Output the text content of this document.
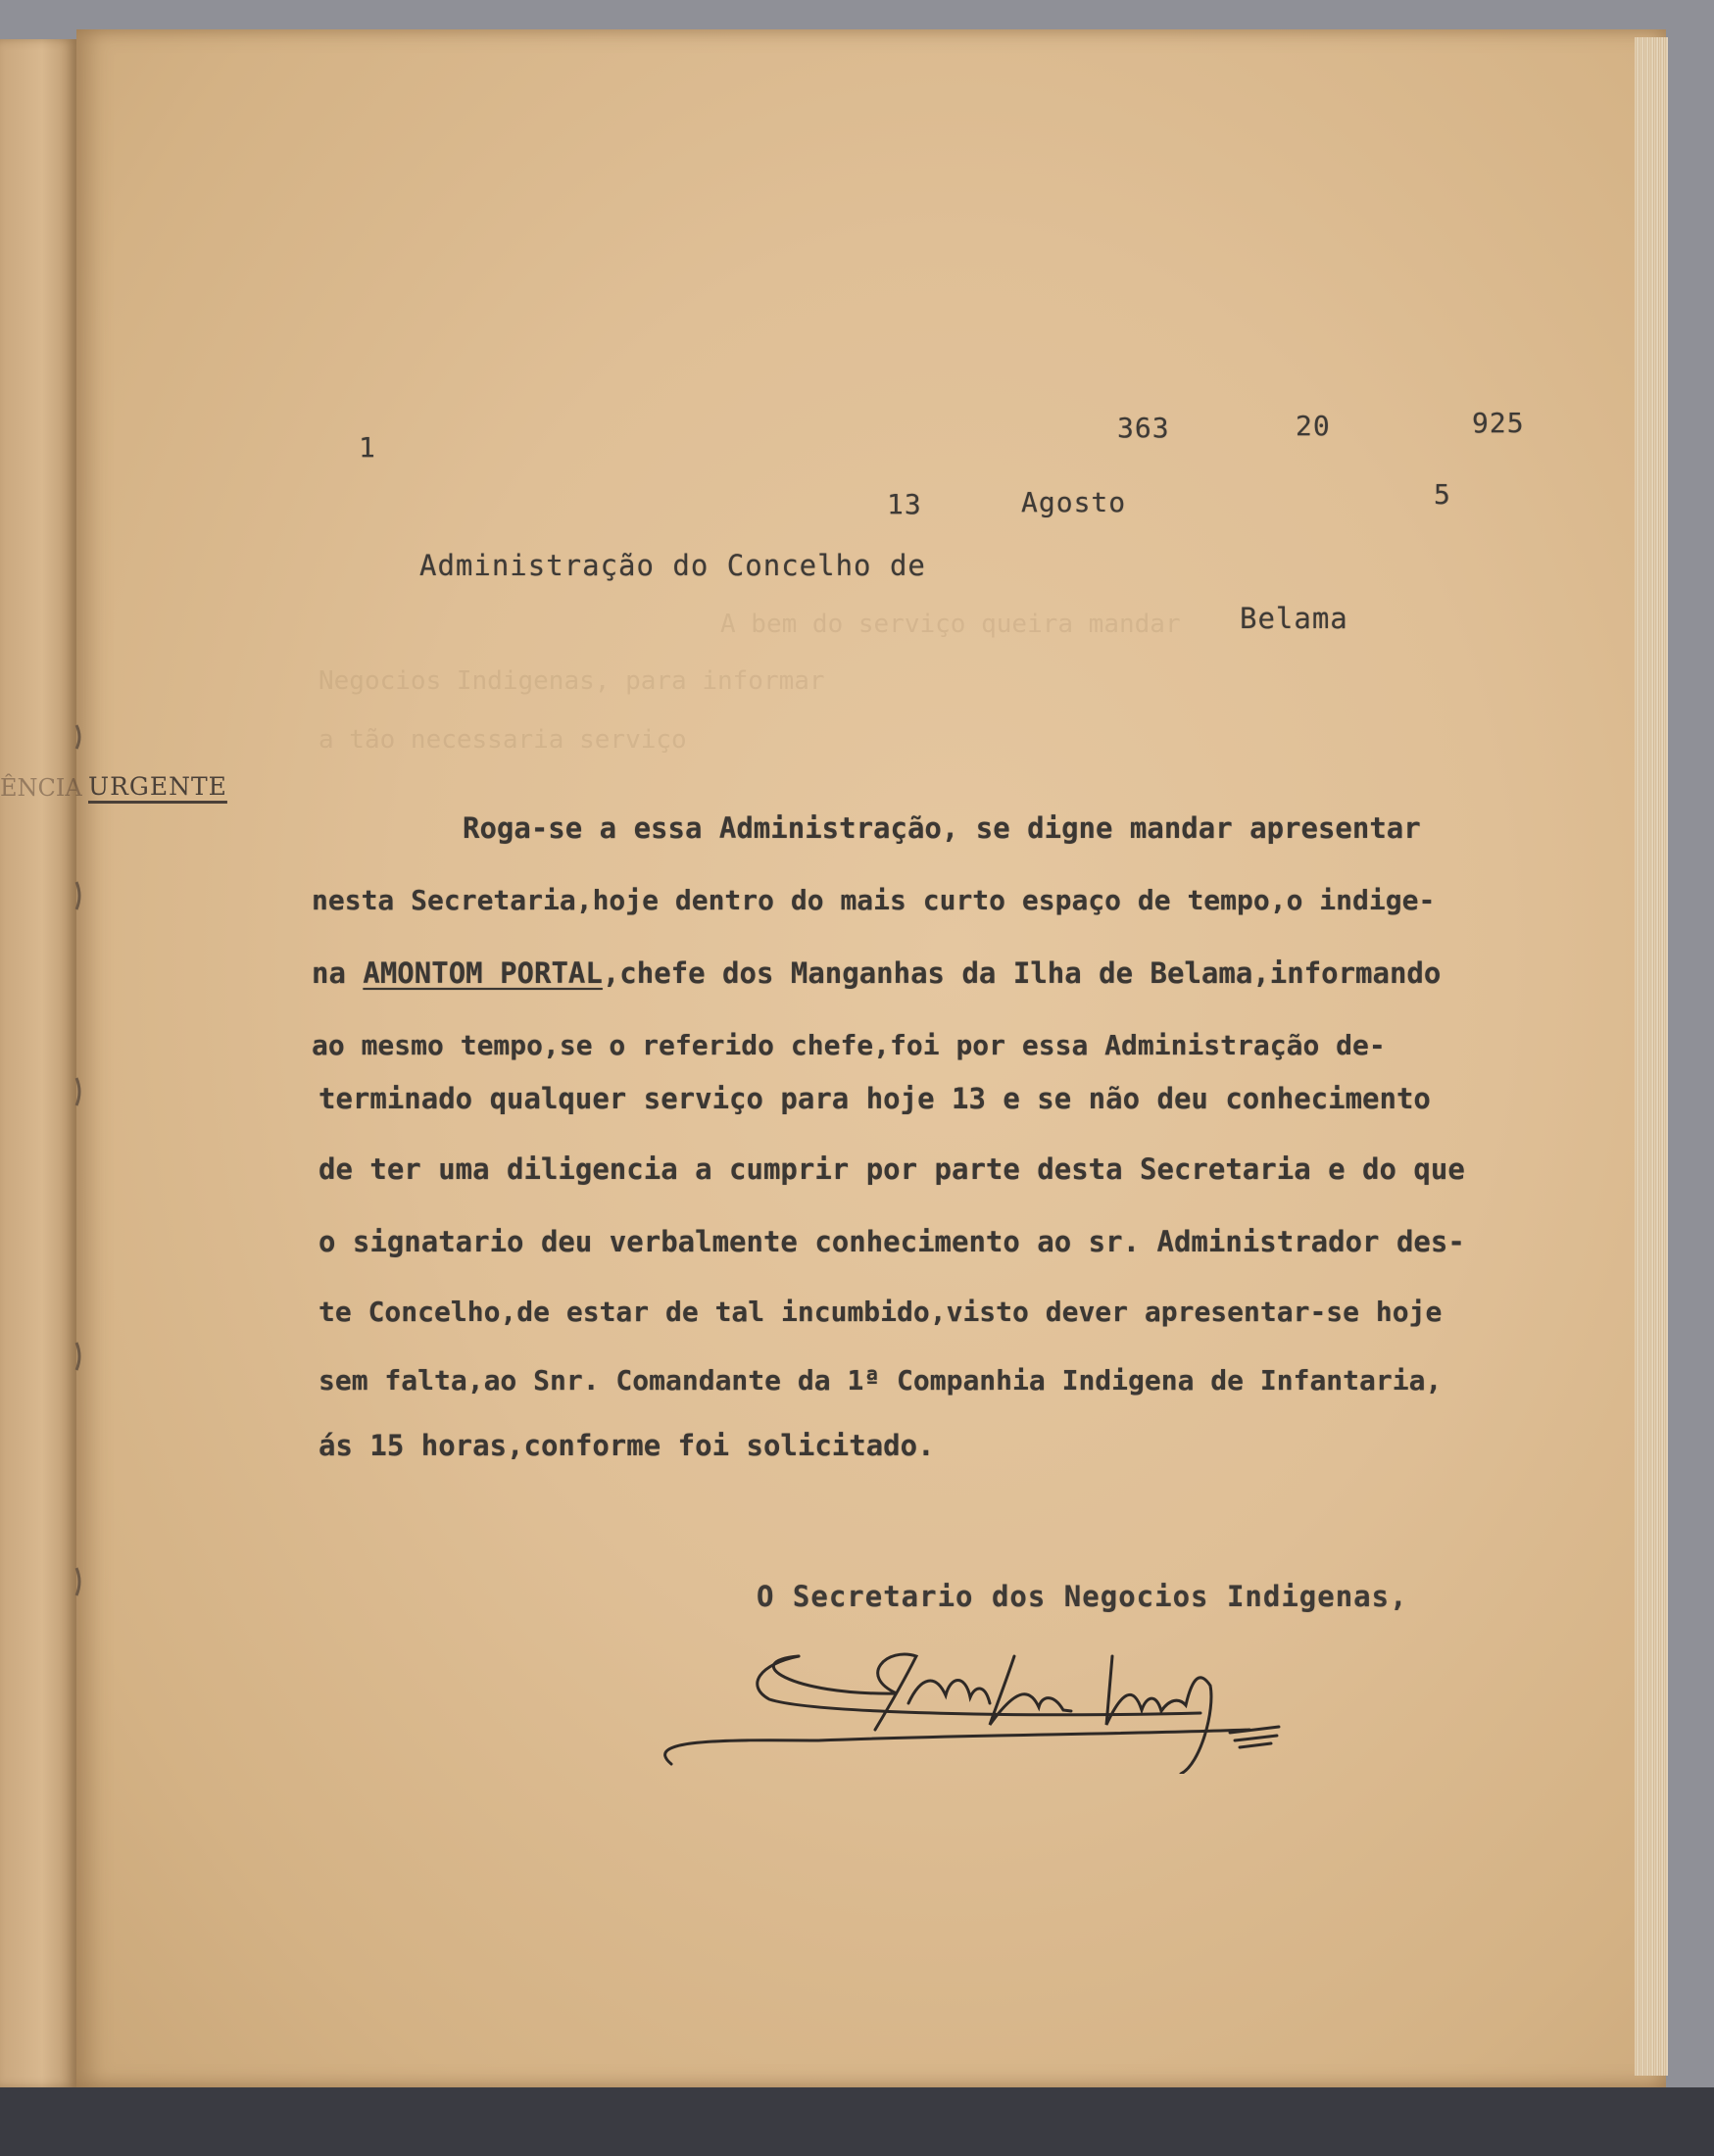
A bem do serviço queira mandar
Negocios Indigenas, para informar
a tão necessaria serviço
1
363	20	925
13	Agosto	5
Administração do Concelho de
Belama
ÊNCIA URGENTE
Roga-se a essa Administração, se digne mandar apresentar
nesta Secretaria,hoje dentro do mais curto espaço de tempo,o indige-
na AMONTOM PORTAL,chefe dos Manganhas da Ilha de Belama,informando
ao mesmo tempo,se o referido chefe,foi por essa Administração de-
terminado qualquer serviço para hoje 13 e se não deu conhecimento
de ter uma diligencia a cumprir por parte desta Secretaria e do que
o signatario deu verbalmente conhecimento ao sr. Administrador des-
te Concelho,de estar de tal incumbido,visto dever apresentar-se hoje
sem falta,ao Snr. Comandante da 1ª Companhia Indigena de Infantaria,
ás 15 horas,conforme foi solicitado.
O Secretario dos Negocios Indigenas,
